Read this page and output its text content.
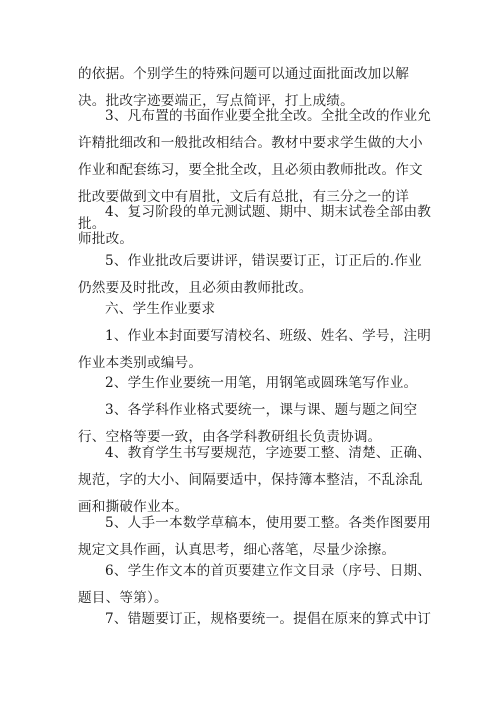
的依据。个别学生的特殊问题可以通过面批面改加以解决。批改字迹要端正，写点简评，打上成绩。

3、凡布置的书面作业要全批全改。全批全改的作业允许精批细改和一般批改相结合。教材中要求学生做的大小作业和配套练习，要全批全改，且必须由教师批改。作文批改要做到文中有眉批，文后有总批，有三分之一的详批。

4、复习阶段的单元测试题、期中、期末试卷全部由教师批改。

5、作业批改后要讲评，错误要订正，订正后的.作业仍然要及时批改，且必须由教师批改。

六、学生作业要求

1、作业本封面要写清校名、班级、姓名、学号，注明作业本类别或编号。

2、学生作业要统一用笔，用钢笔或圆珠笔写作业。

3、各学科作业格式要统一，课与课、题与题之间空行、空格等要一致，由各学科教研组长负责协调。

4、教育学生书写要规范，字迹要工整、清楚、正确、规范，字的大小、间隔要适中，保持簿本整洁，不乱涂乱画和撕破作业本。

5、人手一本数学草稿本，使用要工整。各类作图要用规定文具作画，认真思考，细心落笔，尽量少涂擦。

6、学生作文本的首页要建立作文目录（序号、日期、题目、等第）。

7、错题要订正，规格要统一。提倡在原来的算式中订
